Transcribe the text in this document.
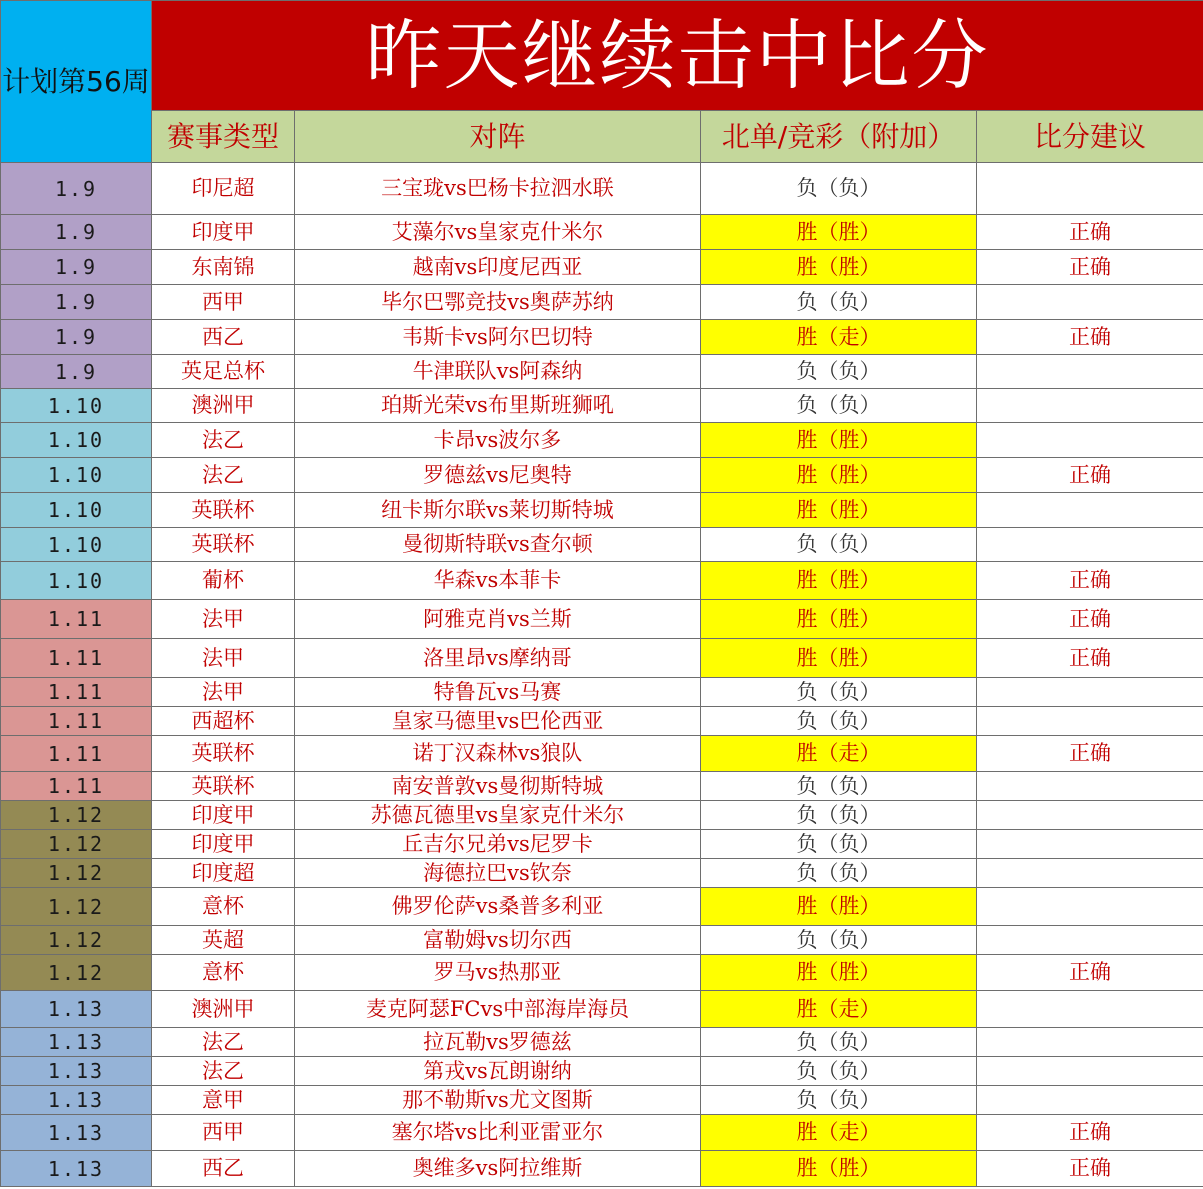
计划第56周	昨天继续击中比分			
	赛事类型	对阵	北单/竞彩（附加）	比分建议
1.9	印尼超	三宝珑vs巴杨卡拉泗水联	负（负）	
1.9	印度甲	艾藻尔vs皇家克什米尔	胜（胜）	正确
1.9	东南锦	越南vs印度尼西亚	胜（胜）	正确
1.9	西甲	毕尔巴鄂竞技vs奥萨苏纳	负（负）	
1.9	西乙	韦斯卡vs阿尔巴切特	胜（走）	正确
1.9	英足总杯	牛津联队vs阿森纳	负（负）	
1.10	澳洲甲	珀斯光荣vs布里斯班狮吼	负（负）	
1.10	法乙	卡昂vs波尔多	胜（胜）	
1.10	法乙	罗德兹vs尼奥特	胜（胜）	正确
1.10	英联杯	纽卡斯尔联vs莱切斯特城	胜（胜）	
1.10	英联杯	曼彻斯特联vs查尔顿	负（负）	
1.10	葡杯	华森vs本菲卡	胜（胜）	正确
1.11	法甲	阿雅克肖vs兰斯	胜（胜）	正确
1.11	法甲	洛里昂vs摩纳哥	胜（胜）	正确
1.11	法甲	特鲁瓦vs马赛	负（负）	
1.11	西超杯	皇家马德里vs巴伦西亚	负（负）	
1.11	英联杯	诺丁汉森林vs狼队	胜（走）	正确
1.11	英联杯	南安普敦vs曼彻斯特城	负（负）	
1.12	印度甲	苏德瓦德里vs皇家克什米尔	负（负）	
1.12	印度甲	丘吉尔兄弟vs尼罗卡	负（负）	
1.12	印度超	海德拉巴vs钦奈	负（负）	
1.12	意杯	佛罗伦萨vs桑普多利亚	胜（胜）	
1.12	英超	富勒姆vs切尔西	负（负）	
1.12	意杯	罗马vs热那亚	胜（胜）	正确
1.13	澳洲甲	麦克阿瑟FCvs中部海岸海员	胜（走）	
1.13	法乙	拉瓦勒vs罗德兹	负（负）	
1.13	法乙	第戎vs瓦朗谢纳	负（负）	
1.13	意甲	那不勒斯vs尤文图斯	负（负）	
1.13	西甲	塞尔塔vs比利亚雷亚尔	胜（走）	正确
1.13	西乙	奥维多vs阿拉维斯	胜（胜）	正确
